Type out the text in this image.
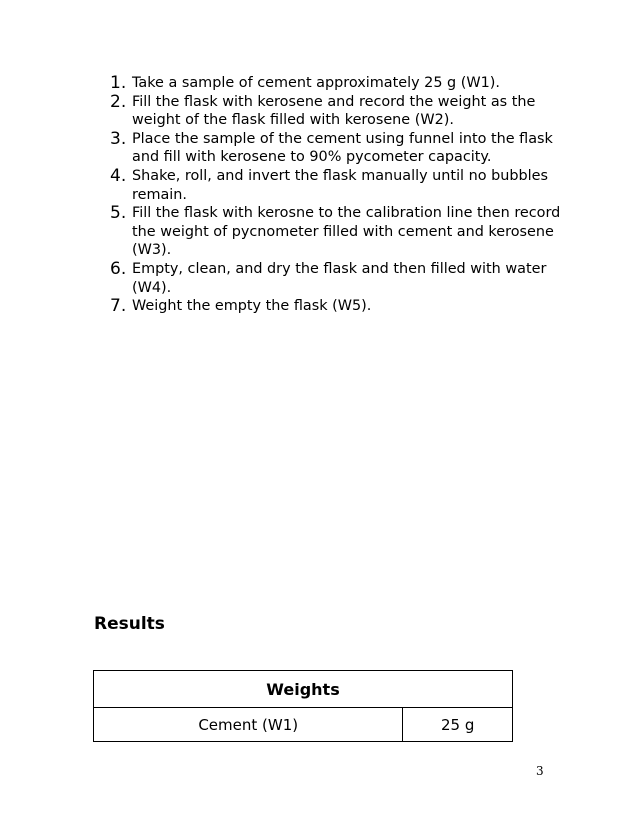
1. Take a sample of cement approximately 25 g (W1).
2. Fill the flask with kerosene and record the weight as the weight of the flask filled with kerosene (W2).
3. Place the sample of the cement using funnel into the flask and fill with kerosene to 90% pycometer capacity.
4. Shake, roll, and invert the flask manually until no bubbles remain.
5. Fill the flask with kerosne to the calibration line then record the weight of pycnometer filled with cement and kerosene (W3).
6. Empty, clean, and dry the flask and then filled with water (W4).
7. Weight the empty the flask (W5).
Results
Weights
Cement (W1)	25 g
3
